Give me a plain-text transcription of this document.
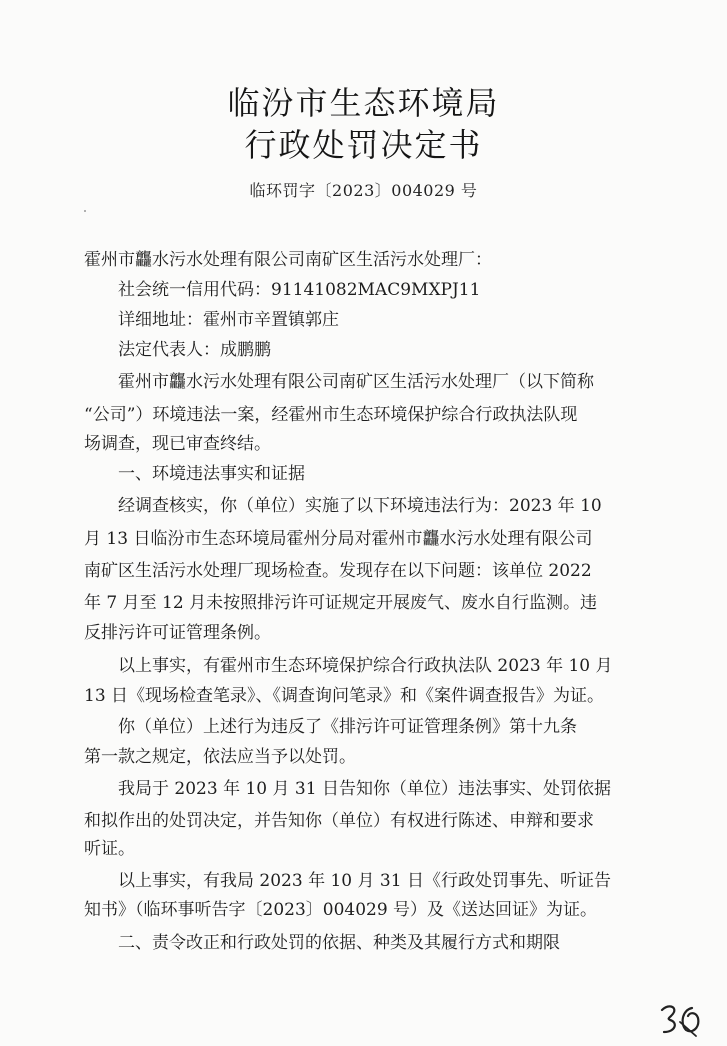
临汾市生态环境局
行政处罚决定书
临环罚字〔2023〕004029 号
霍州市龘水污水处理有限公司南矿区生活污水处理厂：
社会统一信用代码：91141082MAC9MXPJ11
详细地址：霍州市辛置镇郭庄
法定代表人：成鹏鹏
霍州市龘水污水处理有限公司南矿区生活污水处理厂（以下简称
“公司”）环境违法一案，经霍州市生态环境保护综合行政执法队现
场调查，现已审查终结。
一、环境违法事实和证据
经调查核实，你（单位）实施了以下环境违法行为：2023 年 10
月 13 日临汾市生态环境局霍州分局对霍州市龘水污水处理有限公司
南矿区生活污水处理厂现场检查。发现存在以下问题：该单位 2022
年 7 月至 12 月未按照排污许可证规定开展废气、废水自行监测。违
反排污许可证管理条例。
以上事实，有霍州市生态环境保护综合行政执法队 2023 年 10 月
13 日《现场检查笔录》、《调查询问笔录》和《案件调查报告》为证。
你（单位）上述行为违反了《排污许可证管理条例》第十九条
第一款之规定，依法应当予以处罚。
我局于 2023 年 10 月 31 日告知你（单位）违法事实、处罚依据
和拟作出的处罚决定，并告知你（单位）有权进行陈述、申辩和要求
听证。
以上事实，有我局 2023 年 10 月 31 日《行政处罚事先、听证告
知书》（临环事听告字〔2023〕004029 号）及《送达回证》为证。
二、责令改正和行政处罚的依据、种类及其履行方式和期限
